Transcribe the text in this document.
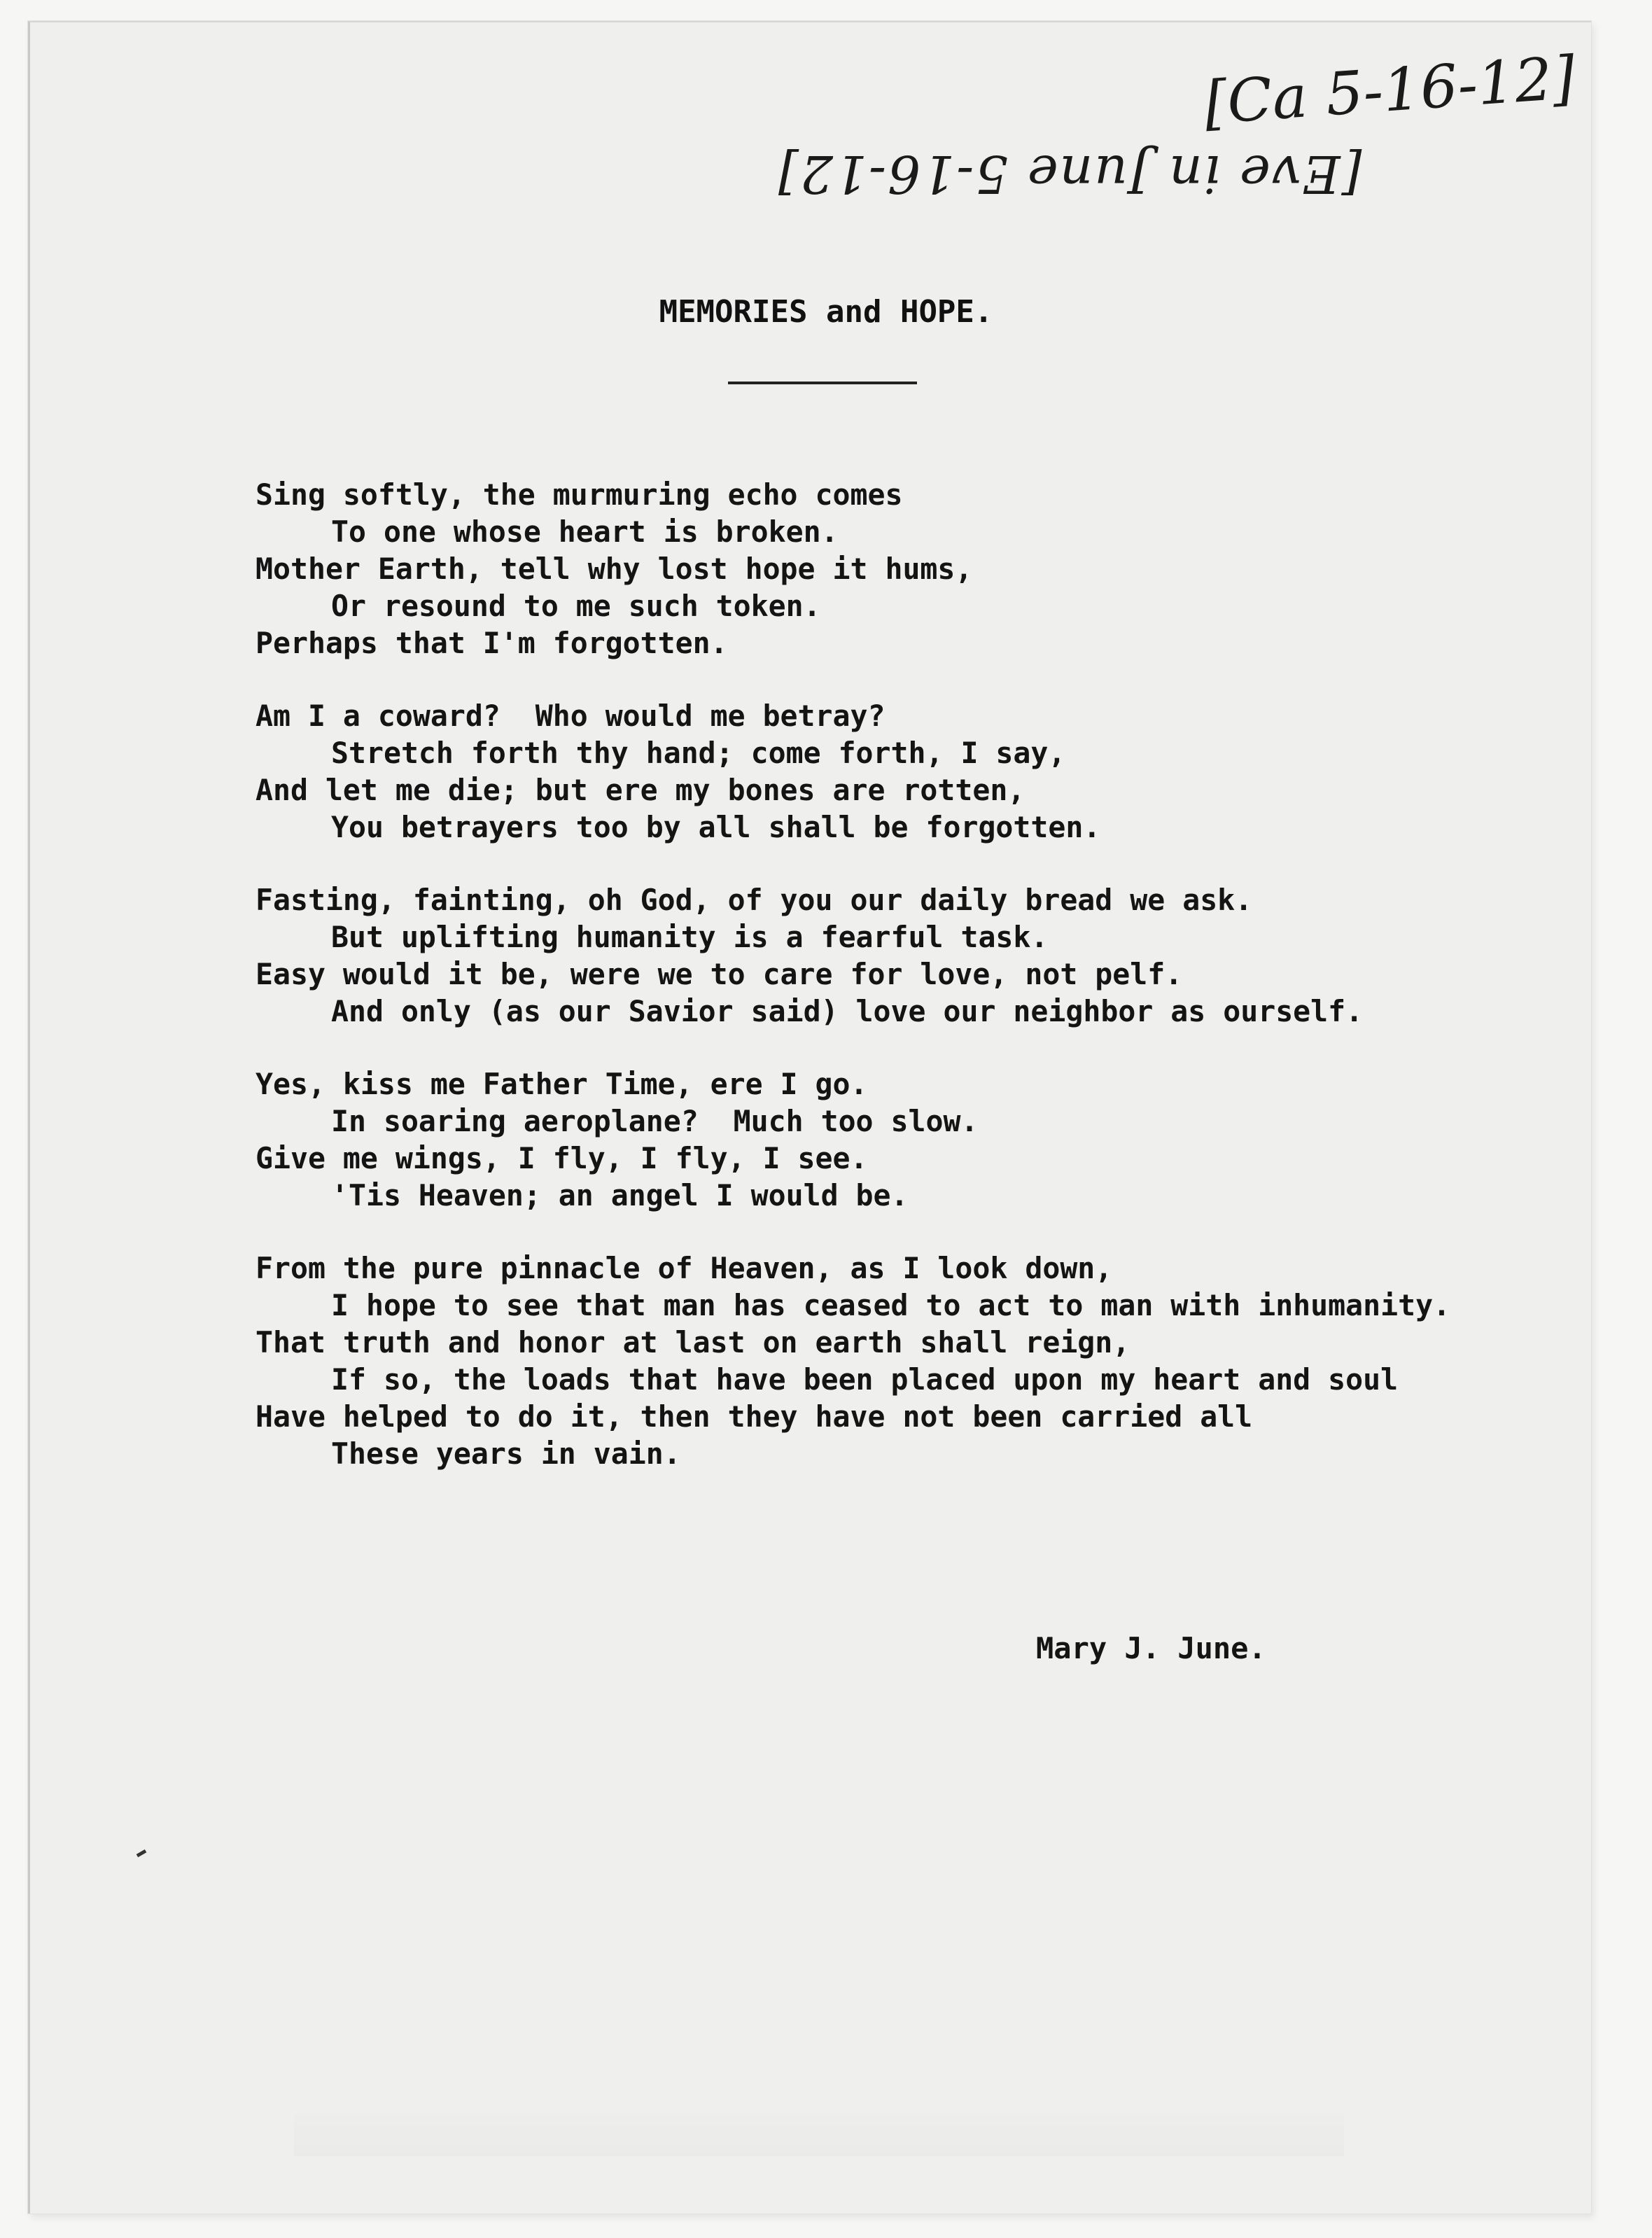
[Ca 5-16-12]
[Eve in June 5-16-12]
MEMORIES and HOPE.
Sing softly, the murmuring echo comes
To one whose heart is broken.
Mother Earth, tell why lost hope it hums,
Or resound to me such token.
Perhaps that I'm forgotten.
Am I a coward?  Who would me betray?
Stretch forth thy hand; come forth, I say,
And let me die; but ere my bones are rotten,
You betrayers too by all shall be forgotten.
Fasting, fainting, oh God, of you our daily bread we ask.
But uplifting humanity is a fearful task.
Easy would it be, were we to care for love, not pelf.
And only (as our Savior said) love our neighbor as ourself.
Yes, kiss me Father Time, ere I go.
In soaring aeroplane?  Much too slow.
Give me wings, I fly, I fly, I see.
'Tis Heaven; an angel I would be.
From the pure pinnacle of Heaven, as I look down,
I hope to see that man has ceased to act to man with inhumanity.
That truth and honor at last on earth shall reign,
If so, the loads that have been placed upon my heart and soul
Have helped to do it, then they have not been carried all
These years in vain.
Mary J. June.
